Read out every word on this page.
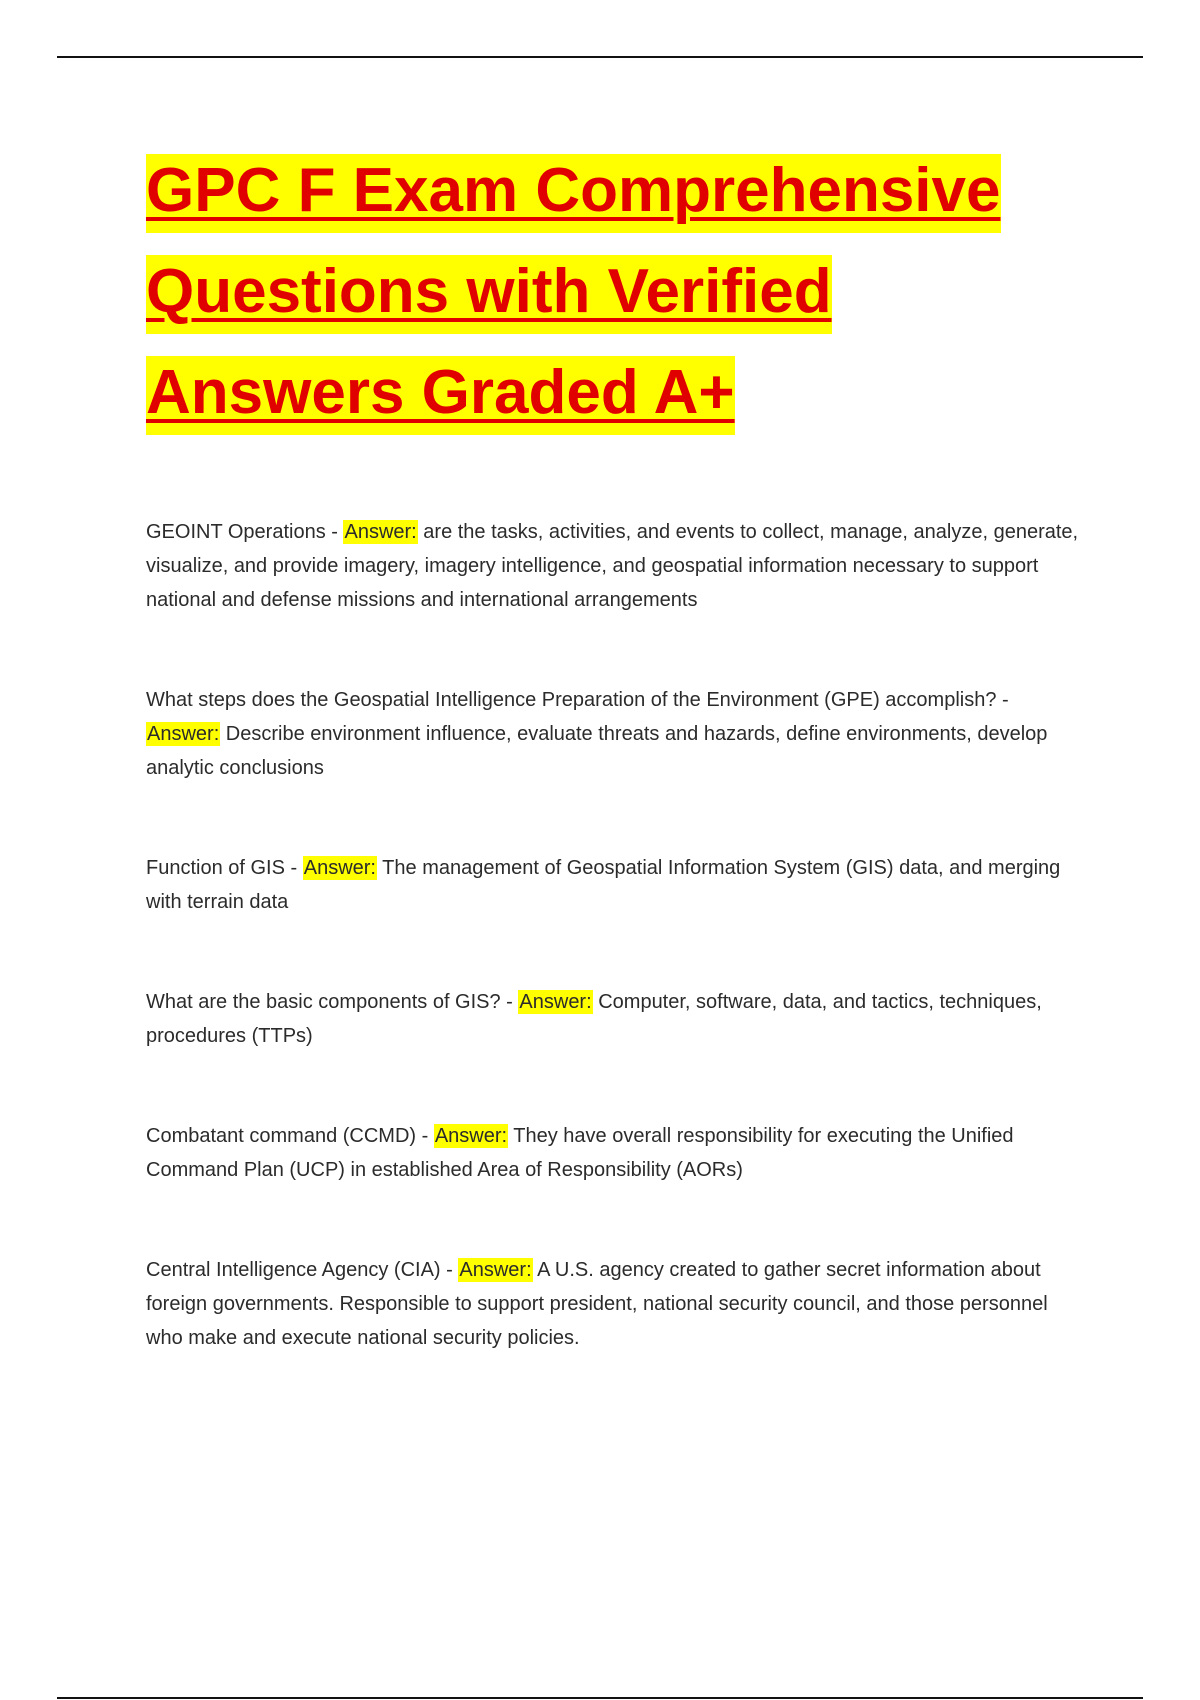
GPC F Exam Comprehensive Questions with Verified Answers Graded A+

GEOINT Operations - Answer: are the tasks, activities, and events to collect, manage, analyze, generate, visualize, and provide imagery, imagery intelligence, and geospatial information necessary to support national and defense missions and international arrangements

What steps does the Geospatial Intelligence Preparation of the Environment (GPE) accomplish? - Answer: Describe environment influence, evaluate threats and hazards, define environments, develop analytic conclusions

Function of GIS - Answer: The management of Geospatial Information System (GIS) data, and merging with terrain data

What are the basic components of GIS? - Answer: Computer, software, data, and tactics, techniques, procedures (TTPs)

Combatant command (CCMD) - Answer: They have overall responsibility for executing the Unified Command Plan (UCP) in established Area of Responsibility (AORs)

Central Intelligence Agency (CIA) - Answer: A U.S. agency created to gather secret information about foreign governments. Responsible to support president, national security council, and those personnel who make and execute national security policies.
